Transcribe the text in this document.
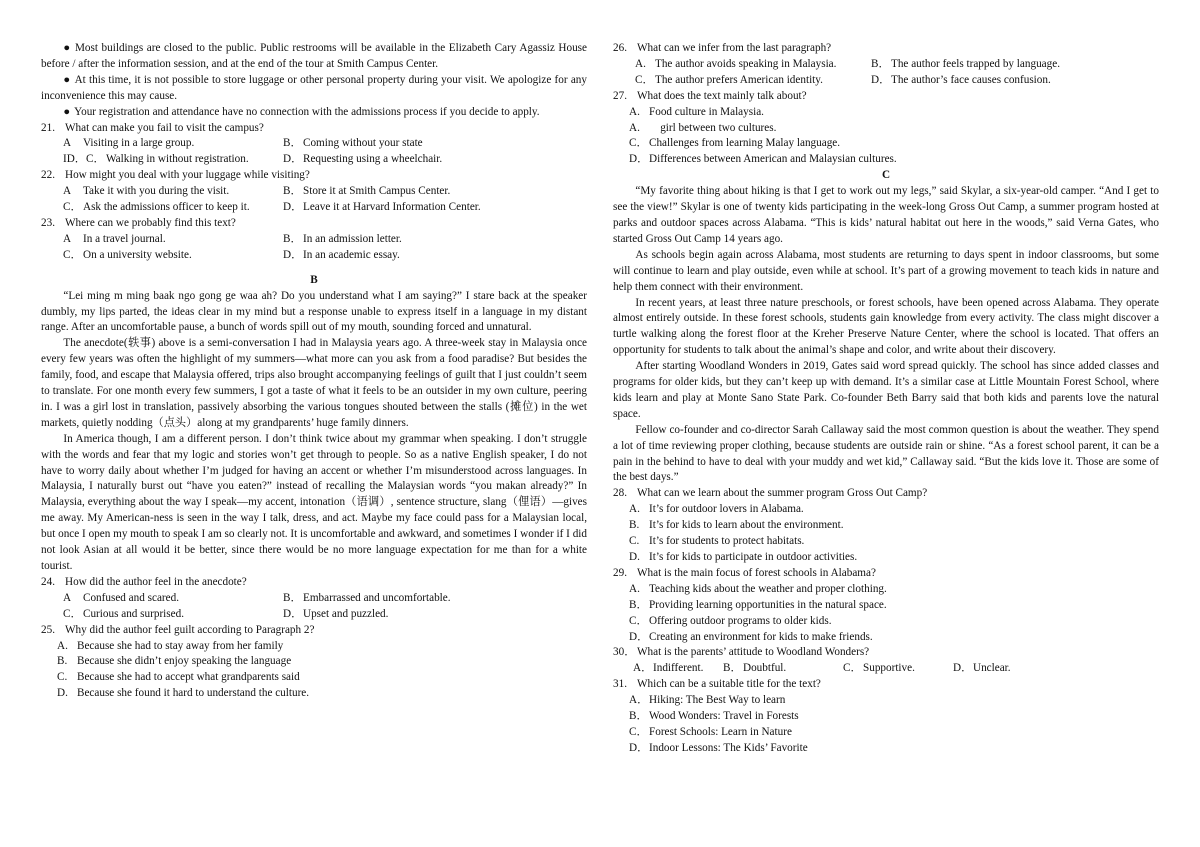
● Most buildings are closed to the public. Public restrooms will be available in the Elizabeth Cary Agassiz House before / after the information session, and at the end of the tour at Smith Campus Center.

● At this time, it is not possible to store luggage or other personal property during your visit. We apologize for any inconvenience this may cause.

● Your registration and attendance have no connection with the admissions process if you decide to apply.

21. What can make you fail to visit the campus?

A Visiting in a large group.	B．Coming without your state
ID．C．Walking in without registration.	D．Requesting using a wheelchair.

22. How might you deal with your luggage while visiting?

A Take it with you during the visit.	B．Store it at Smith Campus Center.
C．Ask the admissions officer to keep it.	D．Leave it at Harvard Information Center.

23. Where can we probably find this text?

A In a travel journal.	B．In an admission letter.
C．On a university website.	D．In an academic essay.

B

“Lei ming m ming baak ngo gong ge waa ah? Do you understand what I am saying?” I stare back at the speaker dumbly, my lips parted, the ideas clear in my mind but a response unable to express itself in a language in my distant range. After an uncomfortable pause, a bunch of words spill out of my mouth, sounding forced and unnatural.

The anecdote(轶事) above is a semi-conversation I had in Malaysia years ago. A three-week stay in Malaysia once every few years was often the highlight of my summers—what more can you ask from a food paradise? But besides the family, food, and escape that Malaysia offered, trips also brought accompanying feelings of guilt that I just couldn’t seem to translate. For one month every few summers, I got a taste of what it feels to be an outsider in my own culture, peering in. I was a girl lost in translation, passively absorbing the various tongues shouted between the stalls (摊位) in the wet markets, quietly nodding（点头）along at my grandparents’ huge family dinners.

In America though, I am a different person. I don’t think twice about my grammar when speaking. I don’t struggle with the words and fear that my logic and stories won’t get through to people. So as a native English speaker, I do not have to worry daily about whether I’m judged for having an accent or whether I’m misunderstood across languages. In Malaysia, I naturally burst out “have you eaten?” instead of recalling the Malaysian words “you makan already?” In Malaysia, everything about the way I speak—my accent, intonation（语调）, sentence structure, slang（俚语）—gives me away. My American-ness is seen in the way I talk, dress, and act. Maybe my face could pass for a Malaysian local, but once I open my mouth to speak I am so clearly not. It is uncomfortable and awkward, and sometimes I wonder if I did not look Asian at all would it be better, since there would be no more language expectation for me than for a white tourist.

24. How did the author feel in the anecdote?

A Confused and scared.	B．Embarrassed and uncomfortable.
C．Curious and surprised.	D．Upset and puzzled.

25. Why did the author feel guilt according to Paragraph 2?

A. Because she had to stay away from her family
B. Because she didn’t enjoy speaking the language
C. Because she had to accept what grandparents said
D. Because she found it hard to understand the culture.

26. What can we infer from the last paragraph?

A. The author avoids speaking in Malaysia.	B．The author feels trapped by language.
C．The author prefers American identity.	D．The author’s face causes confusion.

27. What does the text mainly talk about?

A. Food culture in Malaysia.
A. girl between two cultures.
C．Challenges from learning Malay language.
D．Differences between American and Malaysian cultures.

C

“My favorite thing about hiking is that I get to work out my legs,” said Skylar, a six-year-old camper. “And I get to see the view!” Skylar is one of twenty kids participating in the week-long Gross Out Camp, a summer program hosted at parks and outdoor spaces across Alabama. “This is kids’ natural habitat out here in the woods,” said Verna Gates, who started Gross Out Camp 14 years ago.

As schools begin again across Alabama, most students are returning to days spent in indoor classrooms, but some will continue to learn and play outside, even while at school. It’s part of a growing movement to teach kids in nature and help them connect with their environment.

In recent years, at least three nature preschools, or forest schools, have been opened across Alabama. They operate almost entirely outside. In these forest schools, students gain knowledge from every activity. The class might discover a turtle walking along the forest floor at the Kreher Preserve Nature Center, where the school is located. That offers an opportunity for students to talk about the animal’s shape and color, and write about their discovery.

After starting Woodland Wonders in 2019, Gates said word spread quickly. The school has since added classes and programs for older kids, but they can’t keep up with demand. It’s a similar case at Little Mountain Forest School, where kids learn and play at Monte Sano State Park. Co-founder Beth Barry said that both kids and parents love the natural space.

Fellow co-founder and co-director Sarah Callaway said the most common question is about the weather. They spend a lot of time reviewing proper clothing, because students are outside rain or shine. “As a forest school parent, it can be a pain in the behind to have to deal with your muddy and wet kid,” Callaway said. “But the kids love it. Those are some of the best days.”

28. What can we learn about the summer program Gross Out Camp?

A. It’s for outdoor lovers in Alabama.
B. It’s for kids to learn about the environment.
C. It’s for students to protect habitats.
D. It’s for kids to participate in outdoor activities.

29. What is the main focus of forest schools in Alabama?

A. Teaching kids about the weather and proper clothing.
B．Providing learning opportunities in the natural space.
C．Offering outdoor programs to older kids.
D．Creating an environment for kids to make friends.

30． What is the parents’ attitude to Woodland Wonders?

A．Indifferent.	B．Doubtful.	C．Supportive.	D．Unclear.

31. Which can be a suitable title for the text?

A．Hiking: The Best Way to learn
B．Wood Wonders: Travel in Forests
C．Forest Schools: Learn in Nature
D．Indoor Lessons: The Kids’ Favorite
